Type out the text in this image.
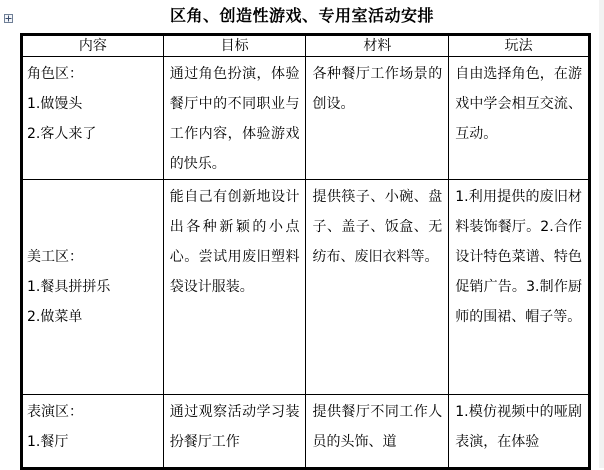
区角、创造性游戏、专用室活动安排
内容	目标	材料	玩法

角色区：
1.做馒头
2.客人来了	通过角色扮演，体验餐厅中的不同职业与工作内容，体验游戏的快乐。	各种餐厅工作场景的创设。	自由选择角色，在游戏中学会相互交流、互动。

美工区：
1.餐具拼拼乐
2.做菜单	能自己有创新地设计出各种新颖的小点心。尝试用废旧塑料袋设计服装。	提供筷子、小碗、盘子、盖子、饭盒、无纺布、废旧衣料等。	1.利用提供的废旧材料装饰餐厅。2.合作设计特色菜谱、特色促销广告。3.制作厨师的围裙、帽子等。

表演区：
1.餐厅	通过观察活动学习装扮餐厅工作	提供餐厅不同工作人员的头饰、道	1.模仿视频中的哑剧表演，在体验
